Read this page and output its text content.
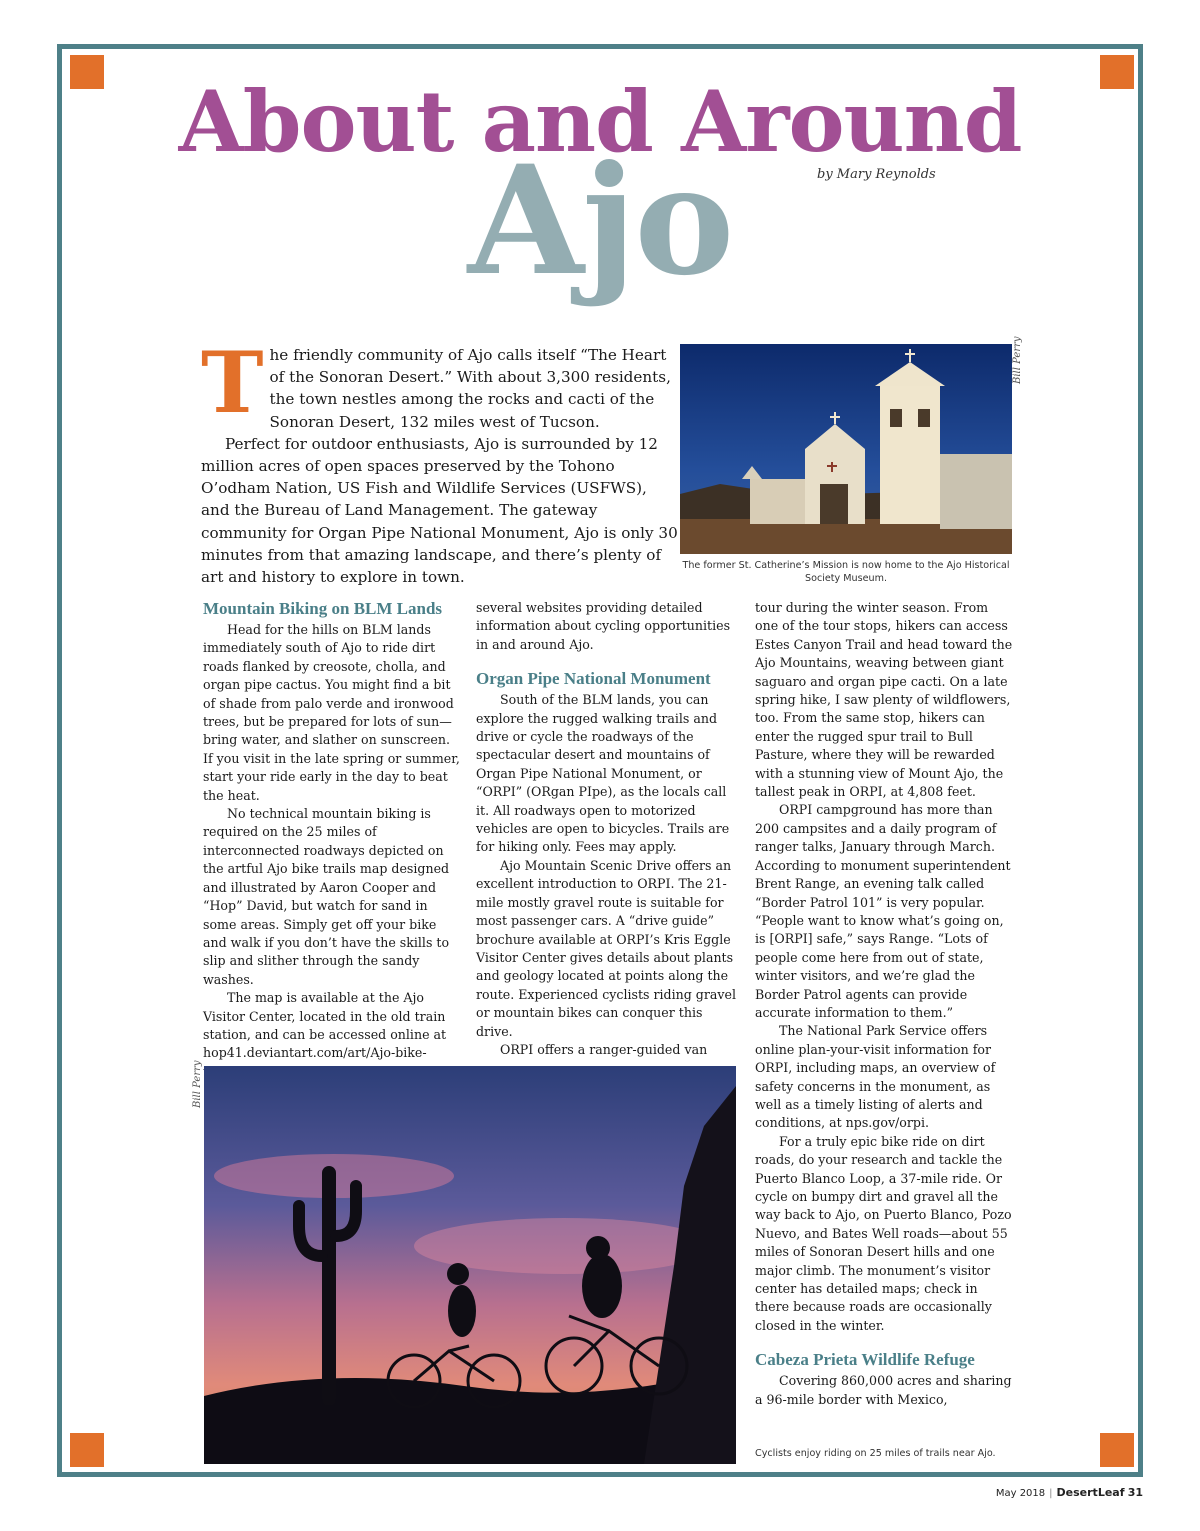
Ajo
About and Around
by Mary Reynolds

The friendly community of Ajo calls itself “The Heart of the Sonoran Desert.” With about 3,300 residents, the town nestles among the rocks and cacti of the Sonoran Desert, 132 miles west of Tucson.

Perfect for outdoor enthusiasts, Ajo is surrounded by 12 million acres of open spaces preserved by the Tohono O’odham Nation, US Fish and Wildlife Services (USFWS), and the Bureau of Land Management. The gateway community for Organ Pipe National Monument, Ajo is only 30 minutes from that amazing landscape, and there’s plenty of art and history to explore in town.

Bill Perry
The former St. Catherine’s Mission is now home to the Ajo Historical Society Museum.
Mountain Biking on BLM Lands

Head for the hills on BLM lands immediately south of Ajo to ride dirt roads flanked by creosote, cholla, and organ pipe cactus. You might find a bit of shade from palo verde and ironwood trees, but be prepared for lots of sun—bring water, and slather on sunscreen. If you visit in the late spring or summer, start your ride early in the day to beat the heat.

No technical mountain biking is required on the 25 miles of interconnected roadways depicted on the artful Ajo bike trails map designed and illustrated by Aaron Cooper and “Hop” David, but watch for sand in some areas. Simply get off your bike and walk if you don’t have the skills to slip and slither through the sandy washes.

The map is available at the Ajo Visitor Center, located in the old train station, and can be accessed online at hop41.deviantart.com/art/Ajo-bike-

several websites providing detailed information about cycling opportunities in and around Ajo.

Organ Pipe National Monument

South of the BLM lands, you can explore the rugged walking trails and drive or cycle the roadways of the spectacular desert and mountains of Organ Pipe National Monument, or “ORPI” (ORgan PIpe), as the locals call it. All roadways open to motorized vehicles are open to bicycles. Trails are for hiking only. Fees may apply.

Ajo Mountain Scenic Drive offers an excellent introduction to ORPI. The 21-mile mostly gravel route is suitable for most passenger cars. A “drive guide” brochure available at ORPI’s Kris Eggle Visitor Center gives details about plants and geology located at points along the route. Experienced cyclists riding gravel or mountain bikes can conquer this drive.

ORPI offers a ranger-guided van

tour during the winter season. From one of the tour stops, hikers can access Estes Canyon Trail and head toward the Ajo Mountains, weaving between giant saguaro and organ pipe cacti. On a late spring hike, I saw plenty of wildflowers, too. From the same stop, hikers can enter the rugged spur trail to Bull Pasture, where they will be rewarded with a stunning view of Mount Ajo, the tallest peak in ORPI, at 4,808 feet.

ORPI campground has more than 200 campsites and a daily program of ranger talks, January through March. According to monument superintendent Brent Range, an evening talk called “Border Patrol 101” is very popular. “People want to know what’s going on, is [ORPI] safe,” says Range. “Lots of people come here from out of state, winter visitors, and we’re glad the Border Patrol agents can provide accurate information to them.”

The National Park Service offers online plan-your-visit information for ORPI, including maps, an overview of safety concerns in the monument, as well as a timely listing of alerts and conditions, at nps.gov/orpi.

For a truly epic bike ride on dirt roads, do your research and tackle the Puerto Blanco Loop, a 37-mile ride. Or cycle on bumpy dirt and gravel all the way back to Ajo, on Puerto Blanco, Pozo Nuevo, and Bates Well roads—about 55 miles of Sonoran Desert hills and one major climb. The monument’s visitor center has detailed maps; check in there because roads are occasionally closed in the winter.

Cabeza Prieta Wildlife Refuge

Covering 860,000 acres and sharing a 96-mile border with Mexico,

Bill Perry
Cyclists enjoy riding on 25 miles of trails near Ajo.
May 2018 | DesertLeaf 31
